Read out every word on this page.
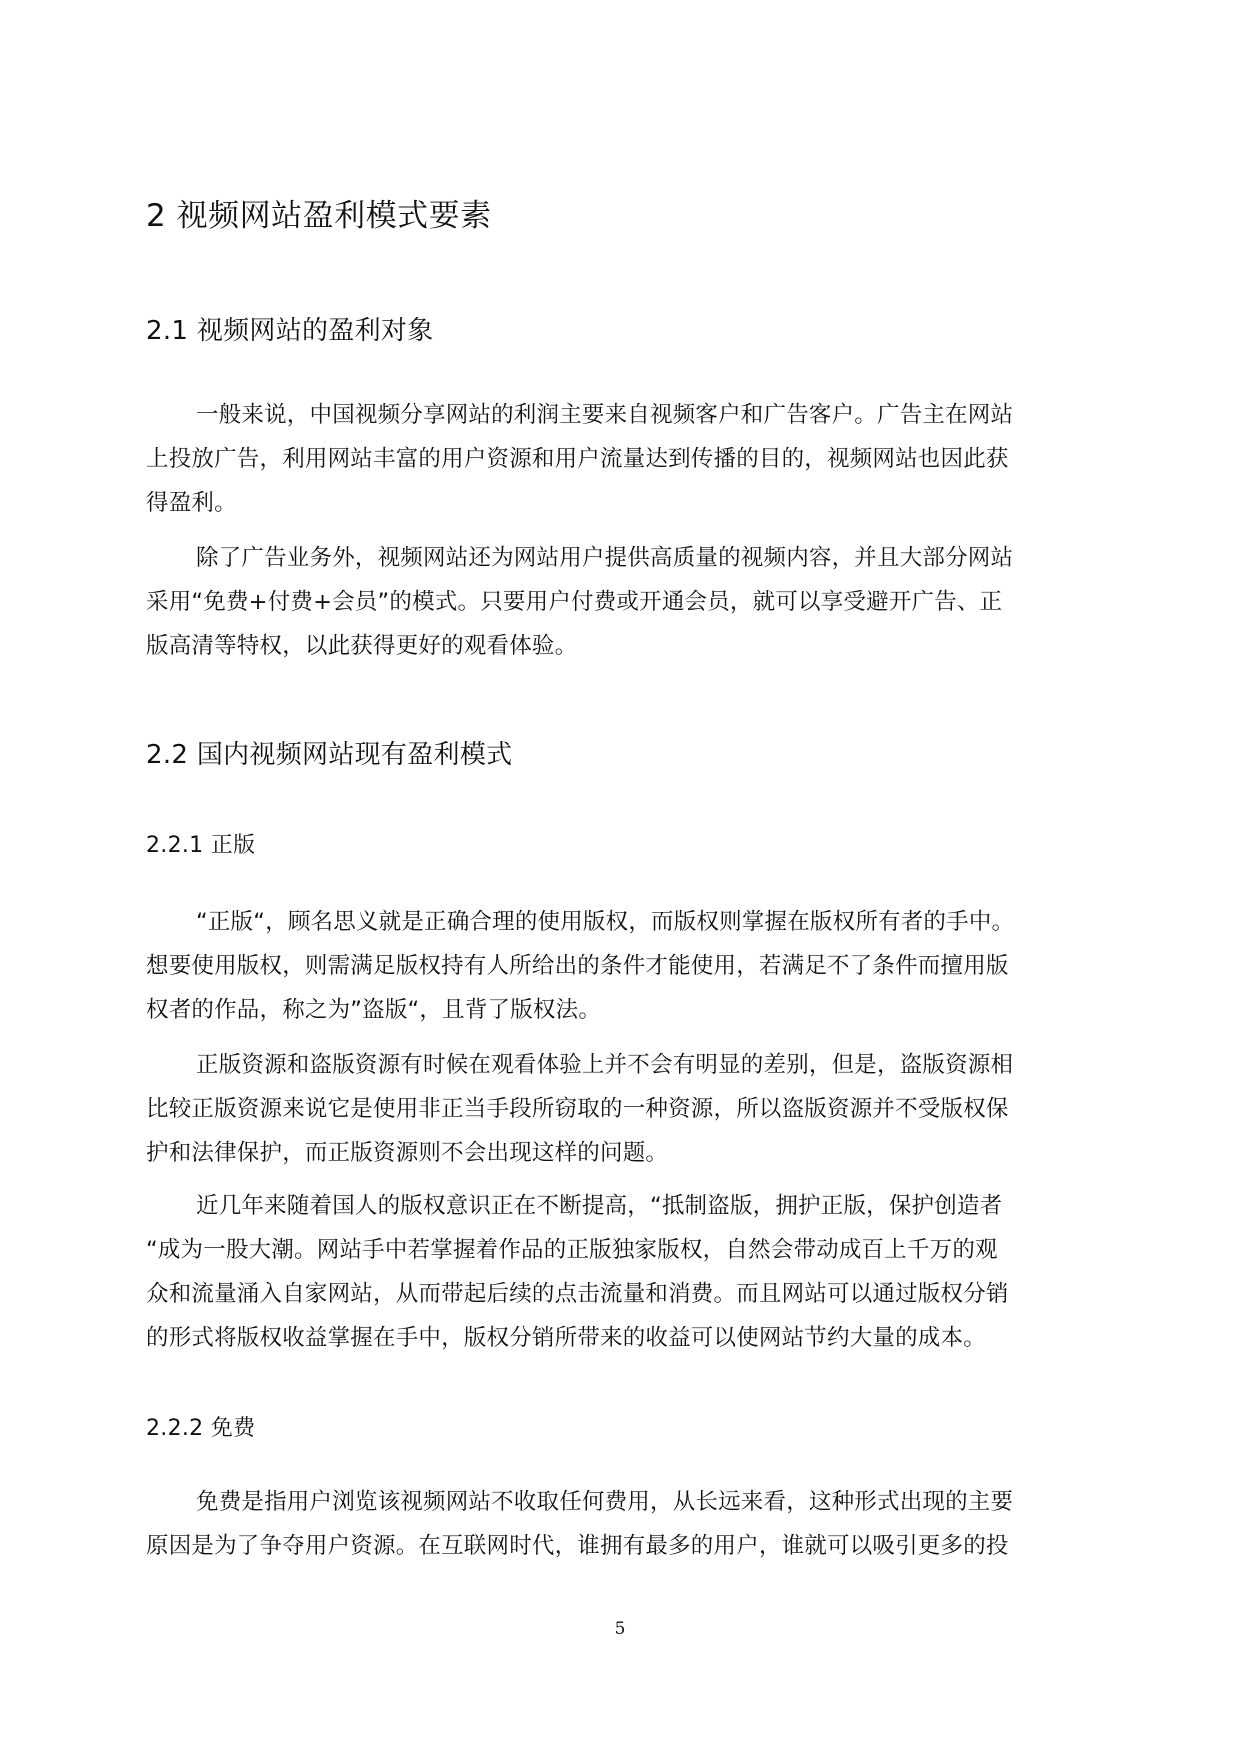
2 视频网站盈利模式要素
2.1 视频网站的盈利对象
一般来说，中国视频分享网站的利润主要来自视频客户和广告客户。广告主在网站
上投放广告，利用网站丰富的用户资源和用户流量达到传播的目的，视频网站也因此获
得盈利。
除了广告业务外，视频网站还为网站用户提供高质量的视频内容，并且大部分网站
采用“免费+付费+会员”的模式。只要用户付费或开通会员，就可以享受避开广告、正
版高清等特权，以此获得更好的观看体验。
2.2 国内视频网站现有盈利模式
2.2.1 正版
“正版“，顾名思义就是正确合理的使用版权，而版权则掌握在版权所有者的手中。
想要使用版权，则需满足版权持有人所给出的条件才能使用，若满足不了条件而擅用版
权者的作品，称之为”盗版“，且背了版权法。
正版资源和盗版资源有时候在观看体验上并不会有明显的差别，但是，盗版资源相
比较正版资源来说它是使用非正当手段所窃取的一种资源，所以盗版资源并不受版权保
护和法律保护，而正版资源则不会出现这样的问题。
近几年来随着国人的版权意识正在不断提高，“抵制盗版，拥护正版，保护创造者
“成为一股大潮。网站手中若掌握着作品的正版独家版权，自然会带动成百上千万的观
众和流量涌入自家网站，从而带起后续的点击流量和消费。而且网站可以通过版权分销
的形式将版权收益掌握在手中，版权分销所带来的收益可以使网站节约大量的成本。
2.2.2 免费
免费是指用户浏览该视频网站不收取任何费用，从长远来看，这种形式出现的主要
原因是为了争夺用户资源。在互联网时代，谁拥有最多的用户，谁就可以吸引更多的投

5
